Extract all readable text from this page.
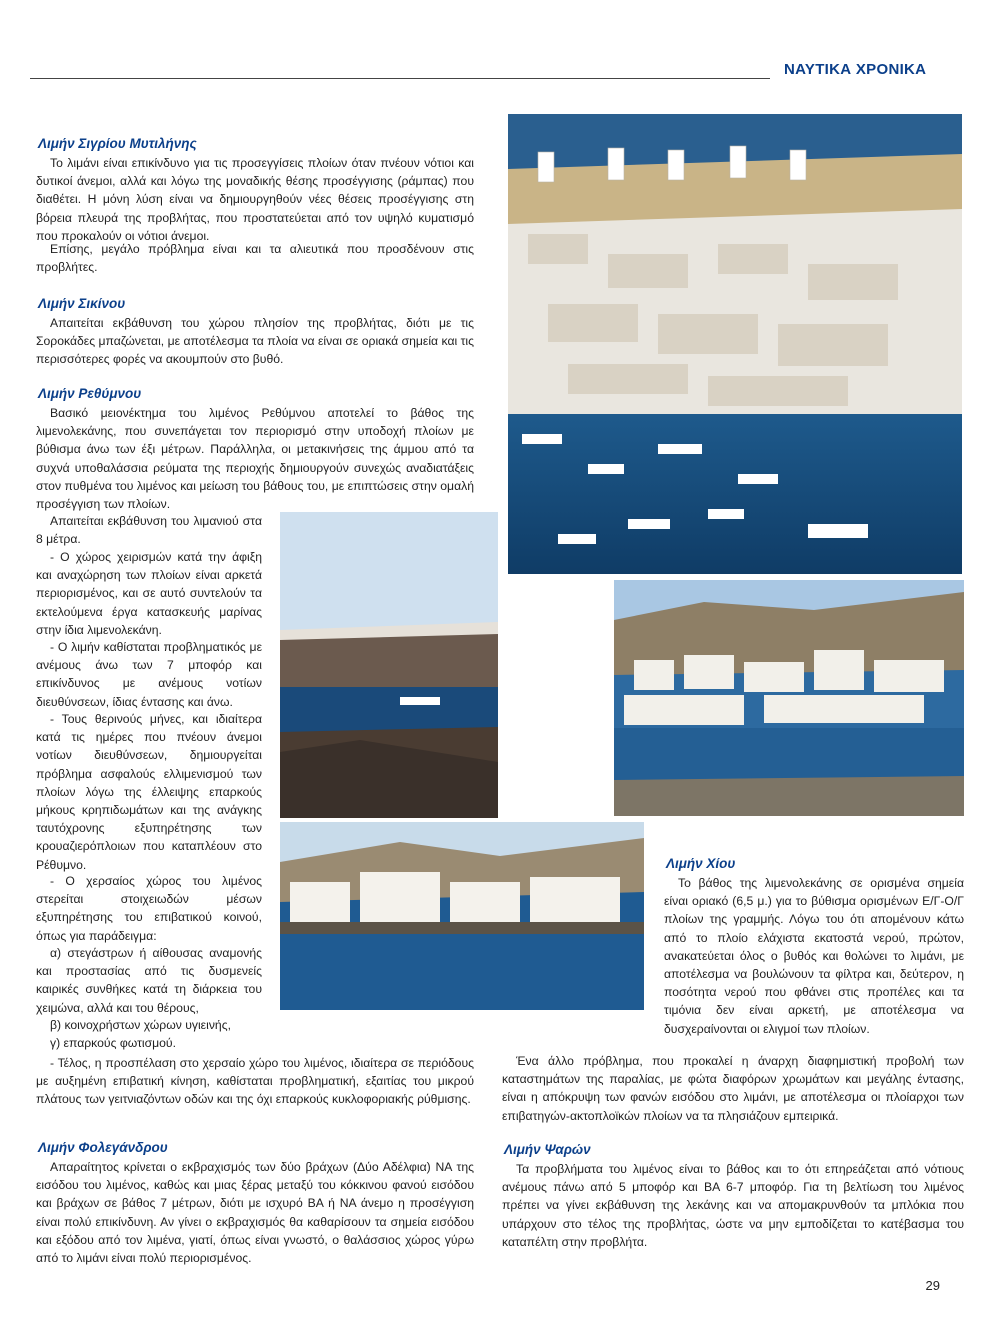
ΝΑΥΤΙΚΑ ΧΡΟΝΙΚΑ
Λιμήν Σιγρίου Μυτιλήνης

Το λιμάνι είναι επικίνδυνο για τις προσεγγίσεις πλοίων όταν πνέουν νότιοι και δυτικοί άνεμοι, αλλά και λόγω της μοναδικής θέσης προσέγγισης (ράμπας) που διαθέτει. Η μόνη λύση είναι να δημιουργηθούν νέες θέσεις προσέγγισης στη βόρεια πλευρά της προβλήτας, που προστατεύεται από τον υψηλό κυματισμό που προκαλούν οι νότιοι άνεμοι.

Επίσης, μεγάλο πρόβλημα είναι και τα αλιευτικά που προσδένουν στις προβλήτες.

Λιμήν Σικίνου

Απαιτείται εκβάθυνση του χώρου πλησίον της προβλήτας, διότι με τις Σοροκάδες μπαζώνεται, με αποτέλεσμα τα πλοία να είναι σε οριακά σημεία και τις περισσότερες φορές να ακουμπούν στο βυθό.

Λιμήν Ρεθύμνου

Βασικό μειονέκτημα του λιμένος Ρεθύμνου αποτελεί το βάθος της λιμενολεκάνης, που συνεπάγεται τον περιορισμό στην υποδοχή πλοίων με βύθισμα άνω των έξι μέτρων. Παράλληλα, οι μετακινήσεις της άμμου από τα συχνά υποθαλάσσια ρεύματα της περιοχής δημιουργούν συνεχώς αναδιατάξεις στον πυθμένα του λιμένος και μείωση του βάθους του, με επιπτώσεις στην ομαλή προσέγγιση των πλοίων.

Απαιτείται εκβάθυνση του λιμανιού στα 8 μέτρα.

- Ο χώρος χειρισμών κατά την άφιξη και αναχώρηση των πλοίων είναι αρκετά περιορισμένος, και σε αυτό συντελούν τα εκτελούμενα έργα κατασκευής μαρίνας στην ίδια λιμενολεκάνη.

- Ο λιμήν καθίσταται προβληματικός με ανέμους άνω των 7 μποφόρ και επικίνδυνος με ανέμους νοτίων διευθύνσεων, ίδιας έντασης και άνω.

- Τους θερινούς μήνες, και ιδιαίτερα κατά τις ημέρες που πνέουν άνεμοι νοτίων διευθύνσεων, δημιουργείται πρόβλημα ασφαλούς ελλιμενισμού των πλοίων λόγω της έλλειψης επαρκούς μήκους κρηπιδωμάτων και της ανάγκης ταυτόχρονης εξυπηρέτησης των κρουαζιερόπλοιων που καταπλέουν στο Ρέθυμνο.

- Ο χερσαίος χώρος του λιμένος στερείται στοιχειωδών μέσων εξυπηρέτησης του επιβατικού κοινού, όπως για παράδειγμα:

α) στεγάστρων ή αίθουσας αναμονής και προστασίας από τις δυσμενείς καιρικές συνθήκες κατά τη διάρκεια του χειμώνα, αλλά και του θέρους,

β) κοινοχρήστων χώρων υγιεινής,

γ) επαρκούς φωτισμού.

- Τέλος, η προσπέλαση στο χερσαίο χώρο του λιμένος, ιδιαίτερα σε περιόδους με αυξημένη επιβατική κίνηση, καθίσταται προβληματική, εξαιτίας του μικρού πλάτους των γειτνιαζόντων οδών και της όχι επαρκούς κυκλοφοριακής ρύθμισης.

Λιμήν Φολεγάνδρου

Απαραίτητος κρίνεται ο εκβραχισμός των δύο βράχων (Δύο Αδέλφια) ΝΑ της εισόδου του λιμένος, καθώς και μιας ξέρας μεταξύ του κόκκινου φανού εισόδου και βράχων σε βάθος 7 μέτρων, διότι με ισχυρό ΒΑ ή ΝΑ άνεμο η προσέγγιση είναι πολύ επικίνδυνη. Αν γίνει ο εκβραχισμός θα καθαρίσουν τα σημεία εισόδου και εξόδου από τον λιμένα, γιατί, όπως είναι γνωστό, ο θαλάσσιος χώρος γύρω από το λιμάνι είναι πολύ περιορισμένος.

Λιμήν Χίου

Το βάθος της λιμενολεκάνης σε ορισμένα σημεία είναι οριακό (6,5 μ.) για το βύθισμα ορισμένων Ε/Γ-Ο/Γ πλοίων της γραμμής. Λόγω του ότι απομένουν κάτω από το πλοίο ελάχιστα εκατοστά νερού, πρώτον, ανακατεύεται όλος ο βυθός και θολώνει το λιμάνι, με αποτέλεσμα να βουλώνουν τα φίλτρα και, δεύτερον, η ποσότητα νερού που φθάνει στις προπέλες και τα τιμόνια δεν είναι αρκετή, με αποτέλεσμα να δυσχεραίνονται οι ελιγμοί των πλοίων.

Ένα άλλο πρόβλημα, που προκαλεί η άναρχη διαφημιστική προβολή των καταστημάτων της παραλίας, με φώτα διαφόρων χρωμάτων και μεγάλης έντασης, είναι η απόκρυψη των φανών εισόδου στο λιμάνι, με αποτέλεσμα οι πλοίαρχοι των επιβατηγών-ακτοπλοϊκών πλοίων να τα πλησιάζουν εμπειρικά.

Λιμήν Ψαρών

Τα προβλήματα του λιμένος είναι το βάθος και το ότι επηρεάζεται από νότιους ανέμους πάνω από 5 μποφόρ και ΒΑ 6-7 μποφόρ. Για τη βελτίωση του λιμένος πρέπει να γίνει εκβάθυνση της λεκάνης και να απομακρυνθούν τα μπλόκια που υπάρχουν στο τέλος της προβλήτας, ώστε να μην εμποδίζεται το κατέβασμα του καταπέλτη στην προβλήτα.

29
